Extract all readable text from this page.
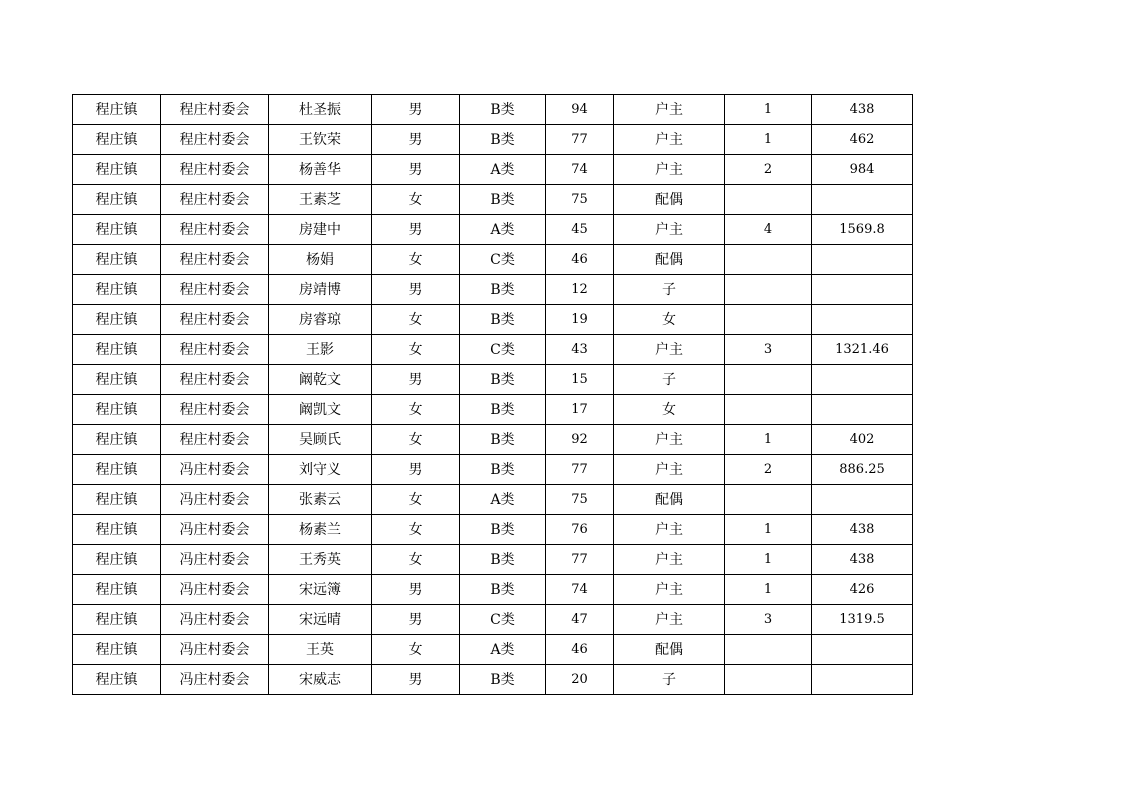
程庄镇	程庄村委会	杜圣振	男	B类	94	户主	1	438
程庄镇	程庄村委会	王钦荣	男	B类	77	户主	1	462
程庄镇	程庄村委会	杨善华	男	A类	74	户主	2	984
程庄镇	程庄村委会	王素芝	女	B类	75	配偶		
程庄镇	程庄村委会	房建中	男	A类	45	户主	4	1569.8
程庄镇	程庄村委会	杨娟	女	C类	46	配偶		
程庄镇	程庄村委会	房靖博	男	B类	12	子		
程庄镇	程庄村委会	房睿琼	女	B类	19	女		
程庄镇	程庄村委会	王影	女	C类	43	户主	3	1321.46
程庄镇	程庄村委会	阚乾文	男	B类	15	子		
程庄镇	程庄村委会	阚凯文	女	B类	17	女		
程庄镇	程庄村委会	吴顾氏	女	B类	92	户主	1	402
程庄镇	冯庄村委会	刘守义	男	B类	77	户主	2	886.25
程庄镇	冯庄村委会	张素云	女	A类	75	配偶		
程庄镇	冯庄村委会	杨素兰	女	B类	76	户主	1	438
程庄镇	冯庄村委会	王秀英	女	B类	77	户主	1	438
程庄镇	冯庄村委会	宋远簿	男	B类	74	户主	1	426
程庄镇	冯庄村委会	宋远晴	男	C类	47	户主	3	1319.5
程庄镇	冯庄村委会	王英	女	A类	46	配偶		
程庄镇	冯庄村委会	宋威志	男	B类	20	子		
